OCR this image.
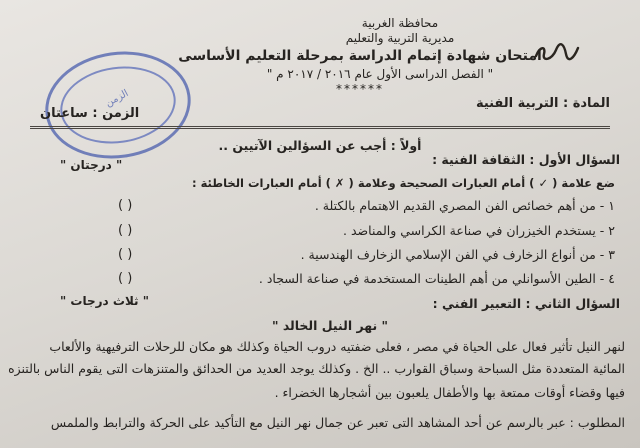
الزمن
محافظة الغربية
مديرية التربية والتعليم
امتحان شهادة إتمام الدراسة بمرحلة التعليم الأساسى
" الفصل الدراسى الأول عام ٢٠١٦ / ٢٠١٧ م "
******
المادة : التربية الفنية
الزمن : ساعتان
أولاً : أجب عن السؤالين الآتيين ..
السؤال الأول : الثقافة الفنية :
" درجتان "
ضع علامة ( ✓ ) أمام العبارات الصحيحة وعلامة ( ✗ ) أمام العبارات الخاطئة :
١ - من أهم خصائص الفن المصري القديم الاهتمام بالكتلة .
( )
٢ - يستخدم الخيزران في صناعة الكراسي والمناضد .
( )
٣ - من أنواع الزخارف في الفن الإسلامي الزخارف الهندسية .
( )
٤ - الطين الأسوانلي من أهم الطينات المستخدمة في صناعة السجاد .
( )
السؤال الثاني : التعبير الفني :
" ثلاث درجات "
" نهر النيل الخالد "
لنهر النيل تأثير فعال على الحياة في مصر ، فعلى ضفتيه دروب الحياة وكذلك هو مكان للرحلات الترفيهية والألعاب
المائية المتعددة مثل السباحة وسباق القوارب .. الخ . وكذلك يوجد العديد من الحدائق والمتنزهات التى يقوم الناس بالتنزه
فيها وقضاء أوقات ممتعة بها والأطفال يلعبون بين أشجارها الخضراء .
المطلوب : عبر بالرسم عن أحد المشاهد التى تعبر عن جمال نهر النيل مع التأكيد على الحركة والترابط والملمس
